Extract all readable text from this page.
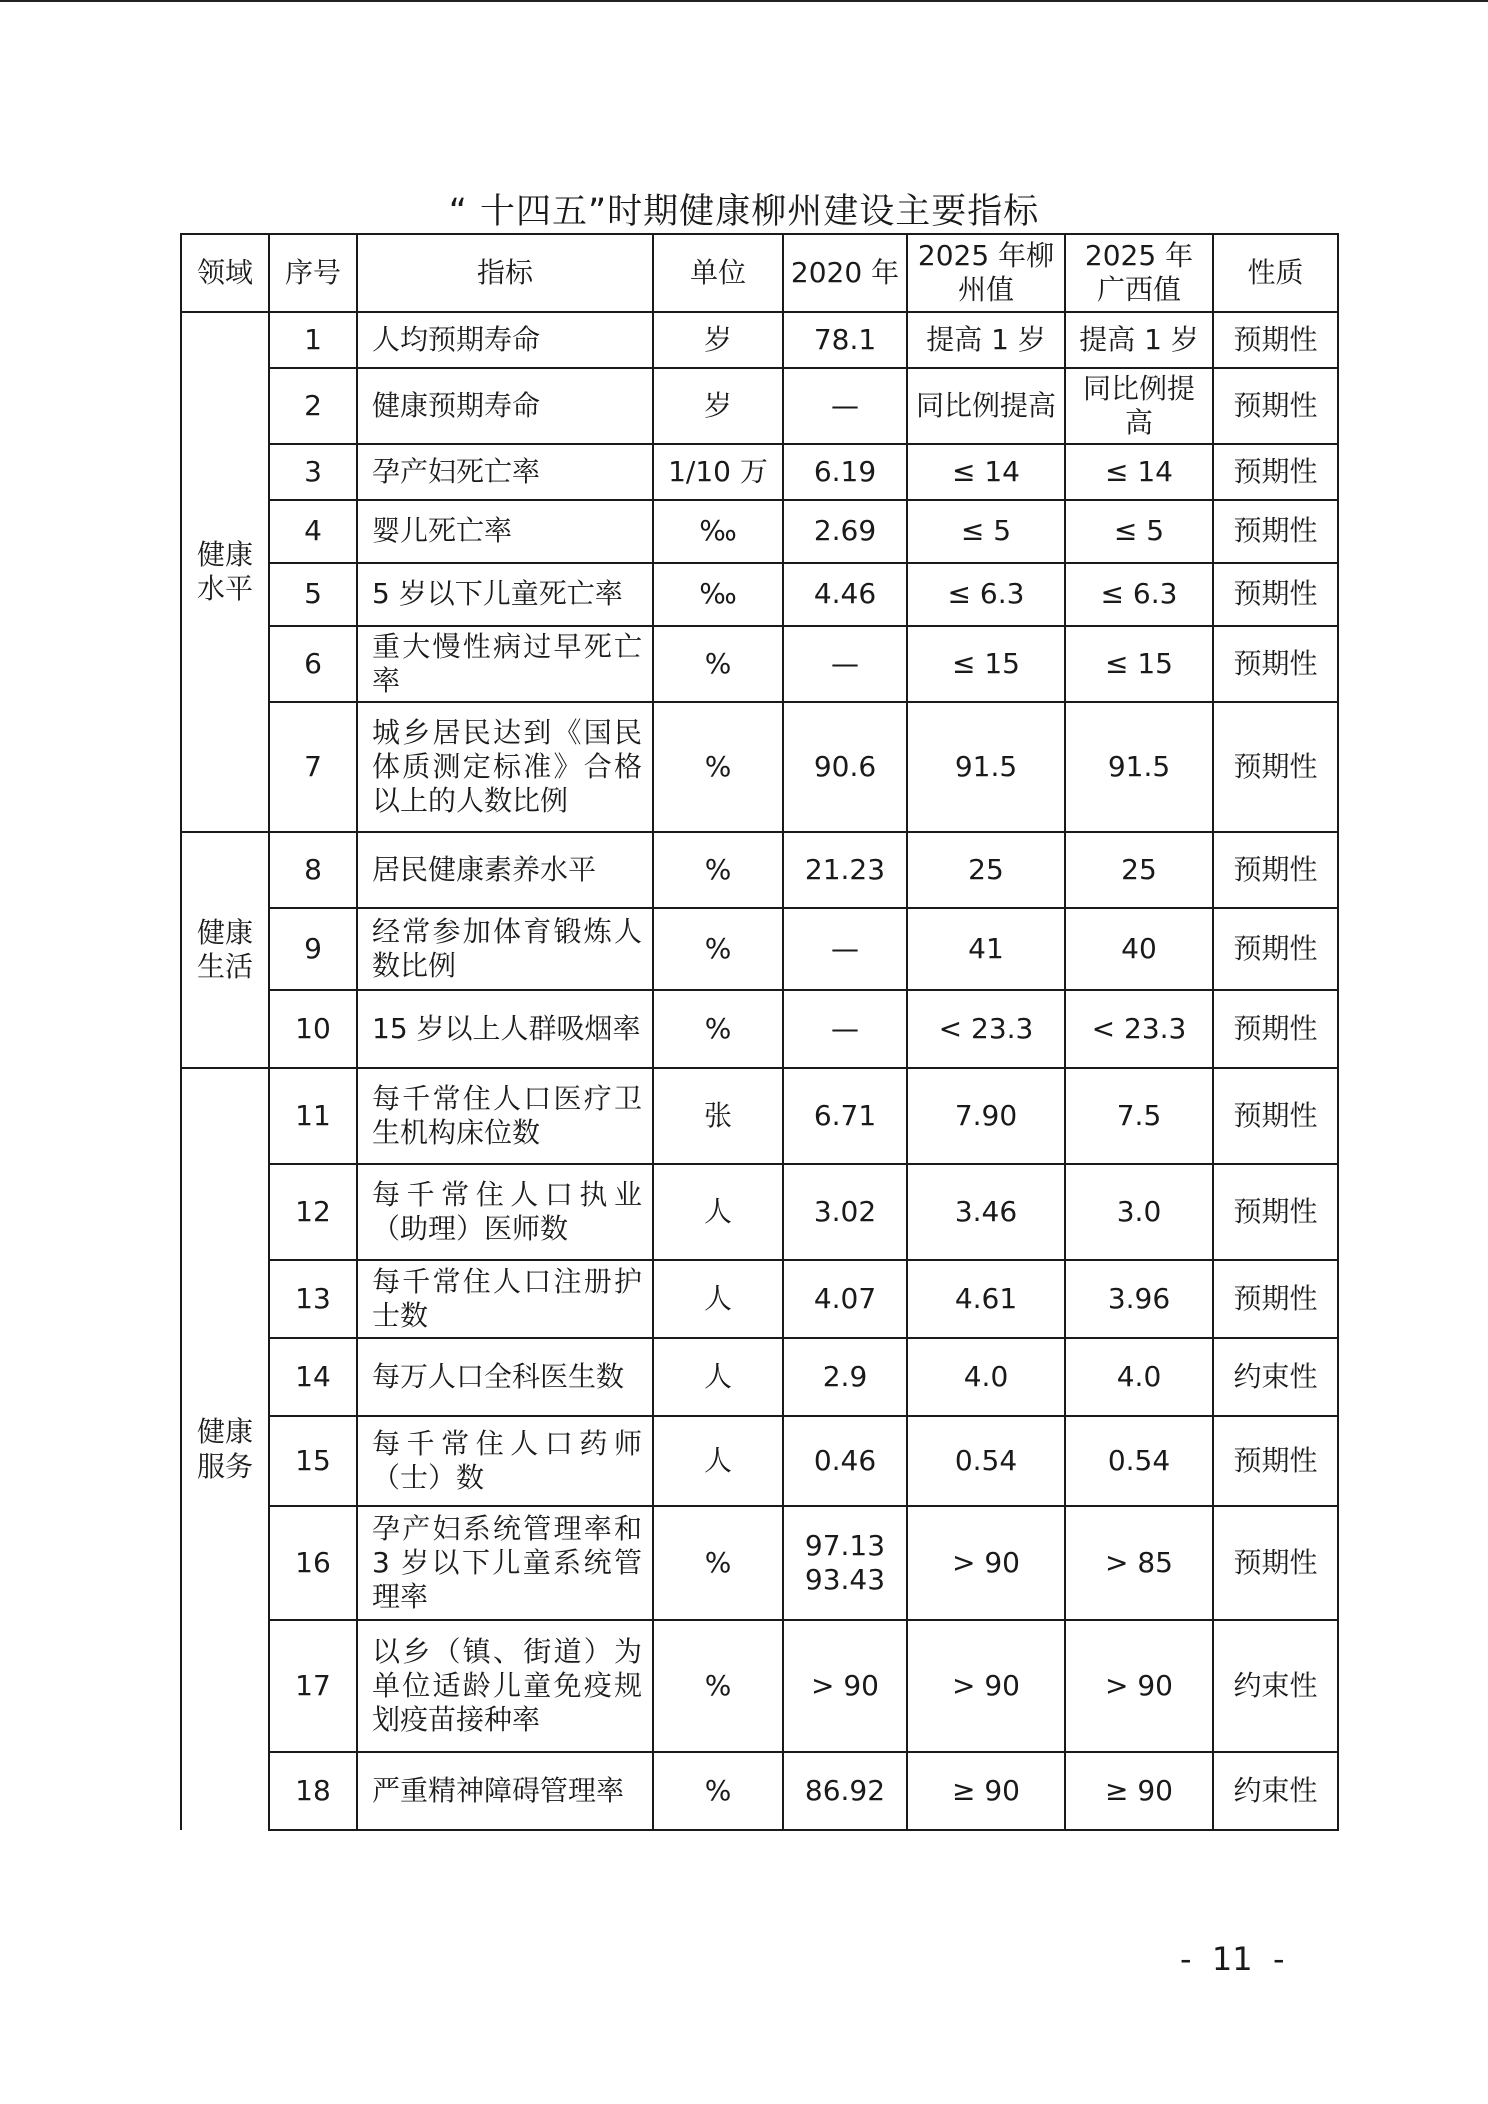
“ 十四五”时期健康柳州建设主要指标
领域	序号	指标	单位	2020 年	2025 年柳州值	2025 年广西值	性质
健康水平	1	人均预期寿命	岁	78.1	提高 1 岁	提高 1 岁	预期性
	2	健康预期寿命	岁	—	同比例提高	同比例提高	预期性
	3	孕产妇死亡率	1/10 万	6.19	≤ 14	≤ 14	预期性
	4	婴儿死亡率	‰	2.69	≤ 5	≤ 5	预期性
	5	5 岁以下儿童死亡率	‰	4.46	≤ 6.3	≤ 6.3	预期性
	6	重大慢性病过早死亡率	%	—	≤ 15	≤ 15	预期性
	7	城乡居民达到《国民体质测定标准》合格以上的人数比例	%	90.6	91.5	91.5	预期性
健康生活	8	居民健康素养水平	%	21.23	25	25	预期性
	9	经常参加体育锻炼人数比例	%	—	41	40	预期性
	10	15 岁以上人群吸烟率	%	—	< 23.3	< 23.3	预期性
健康服务	11	每千常住人口医疗卫生机构床位数	张	6.71	7.90	7.5	预期性
	12	每千常住人口执业（助理）医师数	人	3.02	3.46	3.0	预期性
	13	每千常住人口注册护士数	人	4.07	4.61	3.96	预期性
	14	每万人口全科医生数	人	2.9	4.0	4.0	约束性
	15	每千常住人口药师（士）数	人	0.46	0.54	0.54	预期性
	16	孕产妇系统管理率和 3 岁以下儿童系统管理率	%	97.13
93.43	> 90	> 85	预期性
	17	以乡（镇、街道）为单位适龄儿童免疫规划疫苗接种率	%	> 90	> 90	> 90	约束性
	18	严重精神障碍管理率	%	86.92	≥ 90	≥ 90	约束性
-  11  -
